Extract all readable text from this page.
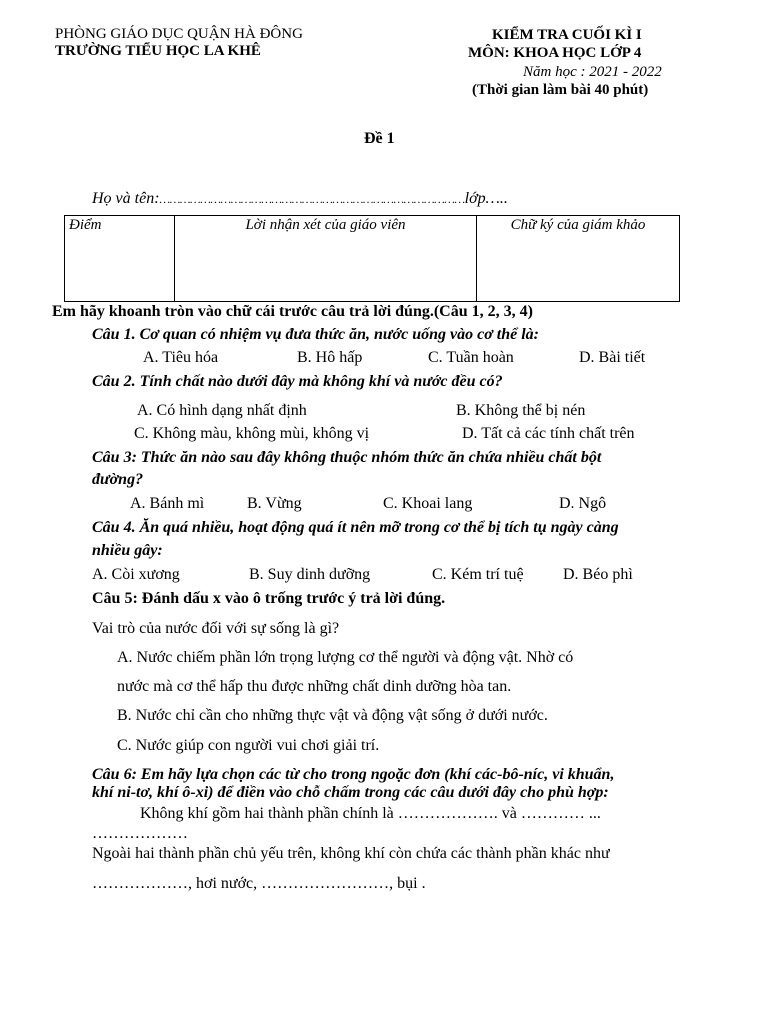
PHÒNG GIÁO DỤC QUẬN HÀ ĐÔNG
TRƯỜNG TIỂU HỌC LA KHÊ
KIỂM TRA CUỐI KÌ I
MÔN: KHOA HỌC LỚP 4
Năm học : 2021 - 2022
(Thời gian làm bài 40 phút)
Đề 1
Họ và tên:………………………………………………………………………………lớp…..
Điểm	Lời nhận xét của giáo viên	Chữ ký của giám khảo
Em hãy khoanh tròn vào chữ cái trước câu trả lời đúng.(Câu 1, 2, 3, 4)
Câu 1. Cơ quan có nhiệm vụ đưa thức ăn, nước uống vào cơ thể là:
A. Tiêu hóa	B. Hô hấp	C. Tuần hoàn	D. Bài tiết
Câu 2. Tính chất nào dưới đây mà không khí và nước đều có?
A. Có hình dạng nhất định	B. Không thể bị nén
C. Không màu, không mùi, không vị	D. Tất cả các tính chất trên
Câu 3: Thức ăn nào sau đây không thuộc nhóm thức ăn chứa nhiều chất bột
đường?
A. Bánh mì	B. Vừng	C. Khoai lang	D. Ngô
Câu 4. Ăn quá nhiều, hoạt động quá ít nên mỡ trong cơ thể bị tích tụ ngày càng
nhiều gây:
A. Còi xương	B. Suy dinh dưỡng	C. Kém trí tuệ D. Béo phì
Câu 5: Đánh dấu x vào ô trống trước ý trả lời đúng.
Vai trò của nước đối với sự sống là gì?
A. Nước chiếm phần lớn trọng lượng cơ thể người và động vật. Nhờ có
nước mà cơ thể hấp thu được những chất dinh dưỡng hòa tan.
B. Nước chỉ cần cho những thực vật và động vật sống ở dưới nước.
C. Nước giúp con người vui chơi giải trí.
Câu 6: Em hãy lựa chọn các từ cho trong ngoặc đơn (khí các-bô-níc, vi khuẩn,
khí ni-tơ, khí ô-xi) để điền vào chỗ chấm trong các câu dưới đây cho phù hợp:
Không khí gồm hai thành phần chính là ………………. và ………… ...
………………
Ngoài hai thành phần chủ yếu trên, không khí còn chứa các thành phần khác như
………………, hơi nước, ……………………, bụi .
